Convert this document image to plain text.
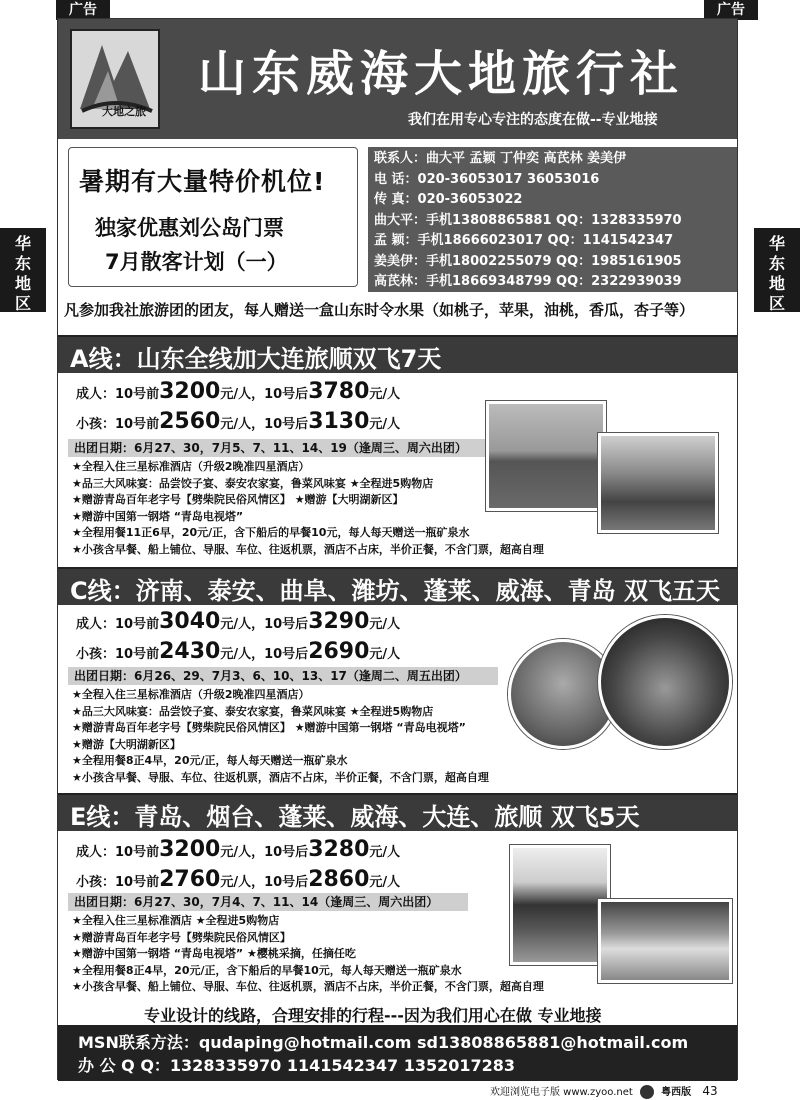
广告	广告
华
东
地
区
华
东
地
区
大地之旅
山东威海大地旅行社
我们在用专心专注的态度在做--专业地接
暑期有大量特价机位!
独家优惠刘公岛门票
7月散客计划（一）
联系人：曲大平 孟颖 丁仲奕 高芪林 姜美伊
电 话：020-36053017 36053016
传 真：020-36053022
曲大平：手机13808865881 QQ：1328335970
孟 颖：手机18666023017 QQ：1141542347
姜美伊：手机18002255079 QQ：1985161905
高芪林：手机18669348799 QQ：2322939039
凡参加我社旅游团的团友，每人赠送一盒山东时令水果（如桃子，苹果，油桃，香瓜，杏子等）
A线：山东全线加大连旅顺双飞7天
成人：10号前3200元/人，10号后3780元/人
小孩：10号前2560元/人，10号后3130元/人
出团日期：6月27、30，7月5、7、11、14、19（逢周三、周六出团）
★全程入住三星标准酒店（升级2晚准四星酒店）
★品三大风味宴：品尝饺子宴、泰安农家宴，鲁菜风味宴 ★全程进5购物店
★赠游青岛百年老字号【劈柴院民俗风情区】 ★赠游【大明湖新区】
★赠游中国第一钢塔 “青岛电视塔”
★全程用餐11正6早，20元/正，含下船后的早餐10元，每人每天赠送一瓶矿泉水
★小孩含早餐、船上铺位、导服、车位、往返机票，酒店不占床，半价正餐，不含门票，超高自理
C线：济南、泰安、曲阜、潍坊、蓬莱、威海、青岛 双飞五天
成人：10号前3040元/人，10号后3290元/人
小孩：10号前2430元/人，10号后2690元/人
出团日期：6月26、29、7月3、6、10、13、17（逢周二、周五出团）
★全程入住三星标准酒店（升级2晚准四星酒店）
★品三大风味宴：品尝饺子宴、泰安农家宴，鲁菜风味宴 ★全程进5购物店
★赠游青岛百年老字号【劈柴院民俗风情区】 ★赠游中国第一钢塔 “青岛电视塔”
★赠游【大明湖新区】
★全程用餐8正4早，20元/正，每人每天赠送一瓶矿泉水
★小孩含早餐、导服、车位、往返机票，酒店不占床，半价正餐，不含门票，超高自理
E线：青岛、烟台、蓬莱、威海、大连、旅顺 双飞5天
成人：10号前3200元/人，10号后3280元/人
小孩：10号前2760元/人，10号后2860元/人
出团日期：6月27、30，7月4、7、11、14（逢周三、周六出团）
★全程入住三星标准酒店 ★全程进5购物店
★赠游青岛百年老字号【劈柴院民俗风情区】
★赠游中国第一钢塔 “青岛电视塔” ★樱桃采摘，任摘任吃
★全程用餐8正4早，20元/正，含下船后的早餐10元，每人每天赠送一瓶矿泉水
★小孩含早餐、船上铺位、导服、车位、往返机票，酒店不占床，半价正餐，不含门票，超高自理
专业设计的线路，合理安排的行程---因为我们用心在做 专业地接
MSN联系方法：qudaping@hotmail.com sd13808865881@hotmail.com
办 公 Q Q：1328335970 1141542347 1352017283
欢迎浏览电子版 www.zyoo.net	粤西版 43
